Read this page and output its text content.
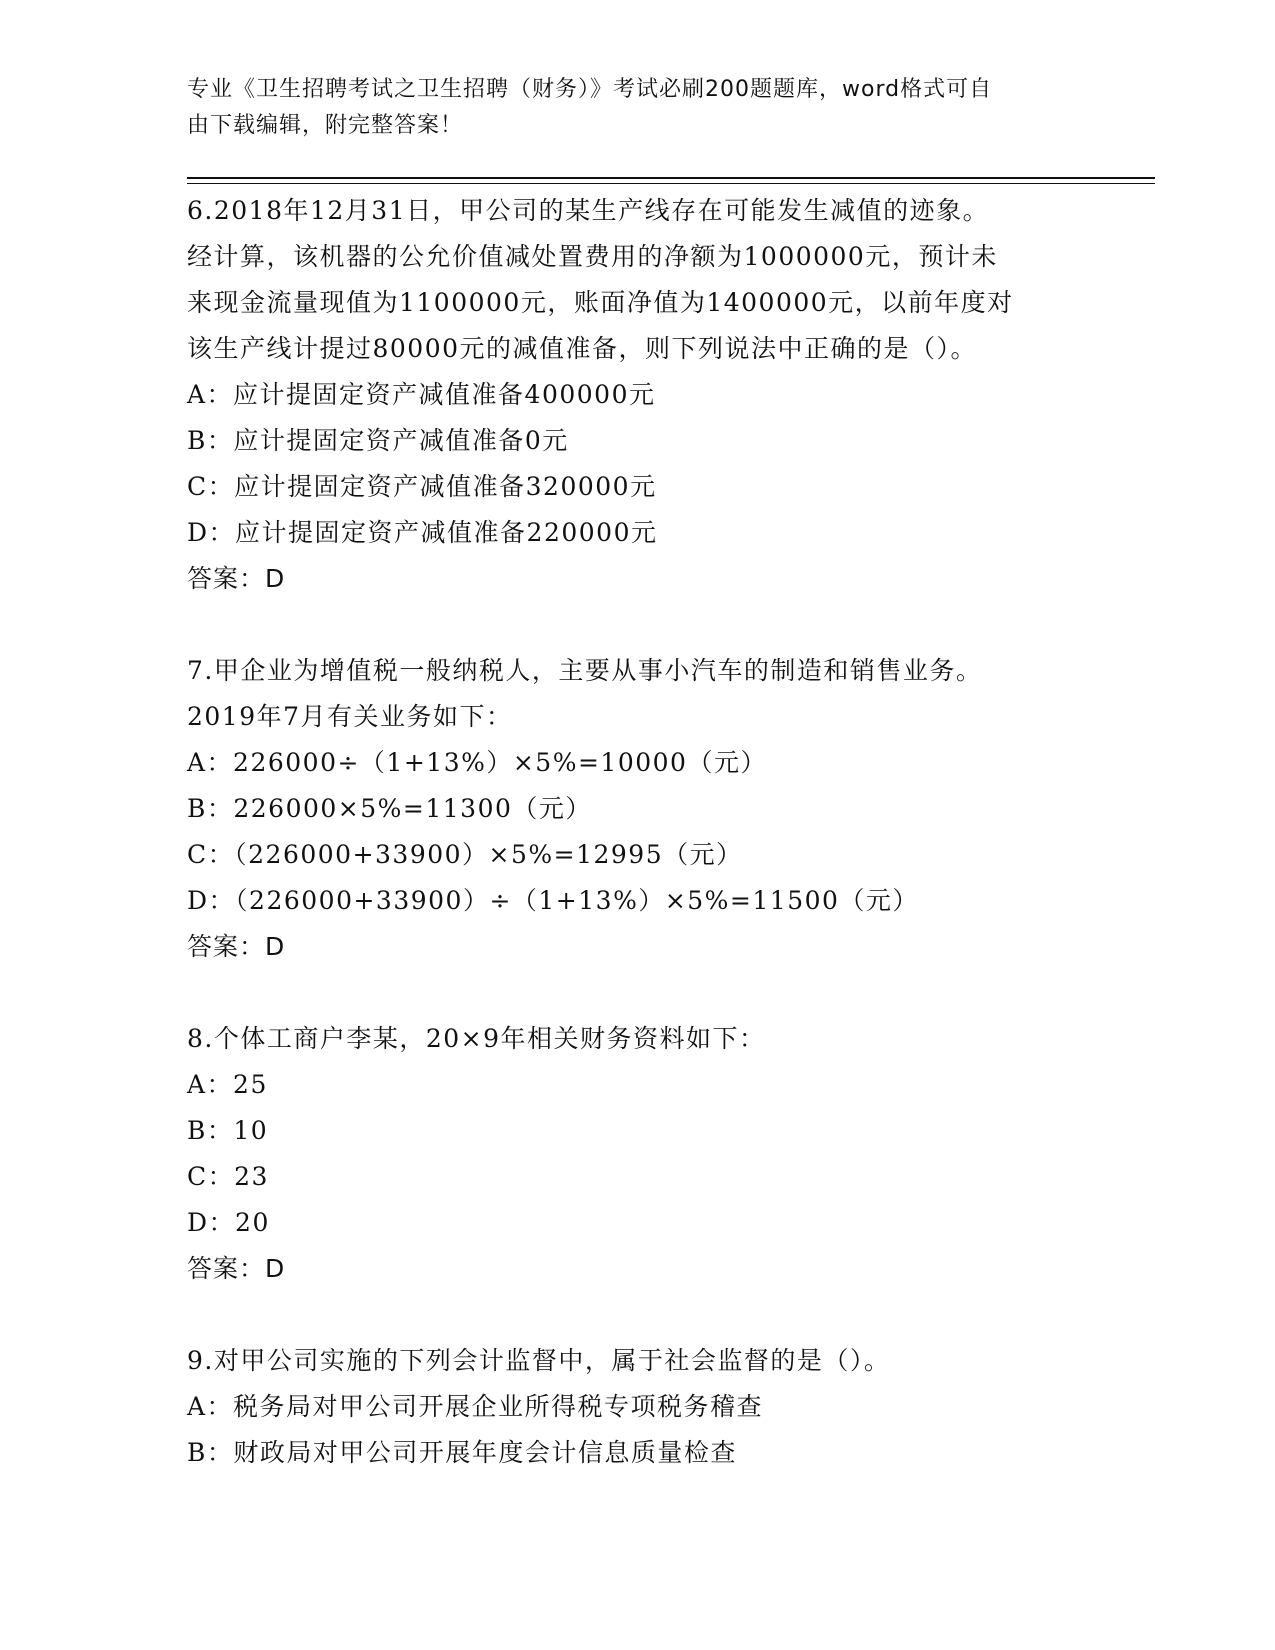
专业《卫生招聘考试之卫生招聘（财务）》考试必刷200题题库，word格式可自
由下载编辑，附完整答案！
6.2018年12月31日，甲公司的某生产线存在可能发生减值的迹象。
经计算，该机器的公允价值减处置费用的净额为1000000元，预计未
来现金流量现值为1100000元，账面净值为1400000元，以前年度对
该生产线计提过80000元的减值准备，则下列说法中正确的是（）。
A：应计提固定资产减值准备400000元
B：应计提固定资产减值准备0元
C：应计提固定资产减值准备320000元
D：应计提固定资产减值准备220000元
答案：D
7.甲企业为增值税一般纳税人，主要从事小汽车的制造和销售业务。
2019年7月有关业务如下：
A：226000÷（1+13%）×5%=10000（元）
B：226000×5%=11300（元）
C：（226000+33900）×5%=12995（元）
D：（226000+33900）÷（1+13%）×5%=11500（元）
答案：D
8.个体工商户李某，20×9年相关财务资料如下：
A：25
B：10
C：23
D：20
答案：D
9.对甲公司实施的下列会计监督中，属于社会监督的是（）。
A：税务局对甲公司开展企业所得税专项税务稽查
B：财政局对甲公司开展年度会计信息质量检查
